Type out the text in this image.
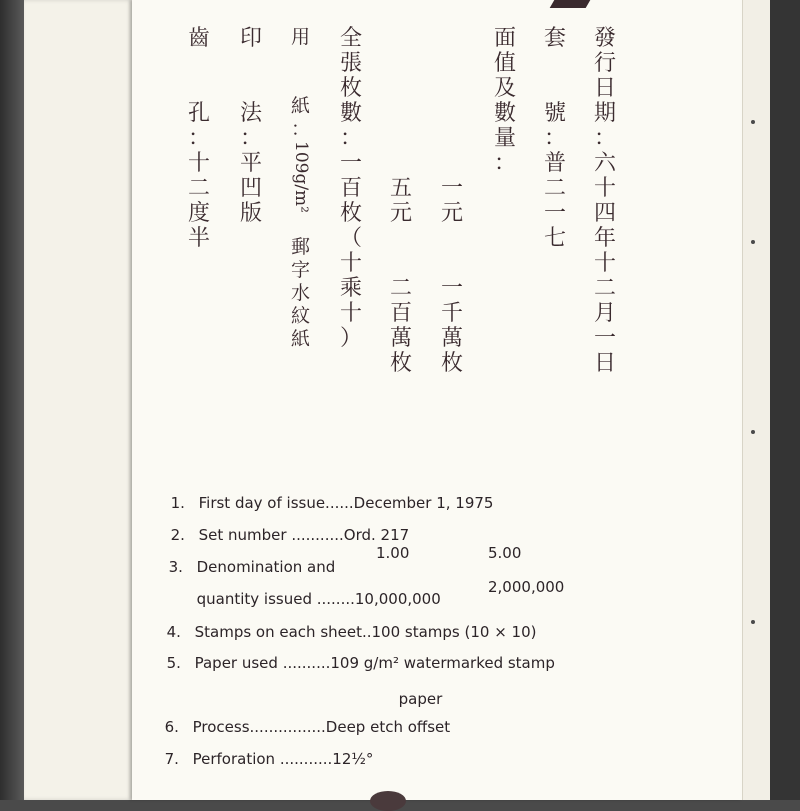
發
行
日
期
：
六
十
四
年
十
二
月
一
日
套

號
：
普
二
一
七
面
值
及
數
量
：
一
元

一
千
萬
枚
五
元

二
百
萬
枚
全
張
枚
數
：
一
百
枚
（
十
乘
十
）
用

紙
：
109g/m²

郵
字
水
紋
紙
印

法
：
平
凹
版
齒

孔
：
十
二
度
半

1. First day of issue......December 1, 1975

2. Set number ...........Ord. 217

3. Denomination and

1.00	5.00

quantity issued ........10,000,000

2,000,000

4. Stamps on each sheet..100 stamps (10 × 10)

5. Paper used ..........109 g/m² watermarked stamp

paper

6. Process................Deep etch offset

7. Perforation ...........12½°
